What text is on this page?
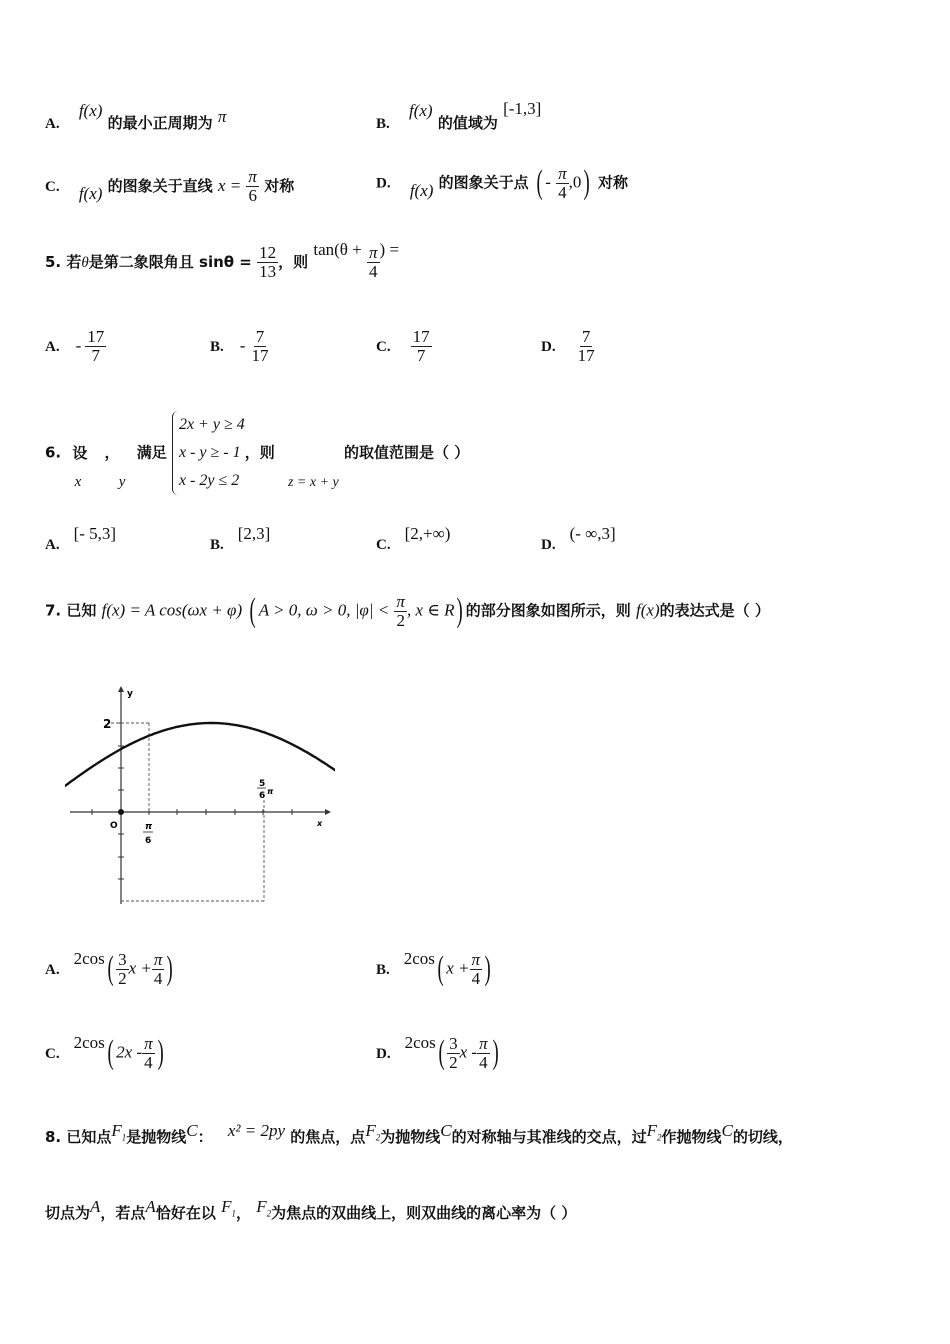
A. f(x) 的最小正周期为 π	B. f(x) 的值域为 [-1,3]
C. f(x) 的图象关于直线 $x = \frac{\pi}{6}$ 对称	D. f(x) 的图象关于点 ( - $\frac{\pi}{4} ,0$) 对称
5. 若θ是第二象限角且 $\sin\theta = \frac{12}{13}$ ，则 $\tan(\theta + \frac{\pi}{4}$ ) =
A. - $\frac{17}{7}$	B. - $\frac{7}{17}$	C. $\frac{17}{7}$	D. $\frac{7}{17}$
6. 设 x ， y 满足
2x + y ≥ 4
x - y ≥ - 1
x - 2y ≤ 2
，则 z = x + y 的取值范围是（ ）
A.[- 5,3]
B.[2,3]
C.[2,+∞)
D.(- ∞,3]
7. 已知 f(x) = A cos(ωx + φ) ( A > 0, ω > 0, $|\varphi| < \frac{\pi}{2}$ , x ∈ R) 的部分图象如图所示，则 f(x)的表达式是（ ）
y
x
O
2
π
6
5
6 π
$A.2\cos( \frac{3}{2}$ $x + \frac{\pi}{4}$ )	B.2cos( $x + \frac{\pi}{4}$ )
C.2cos( $2x - \frac{\pi}{4}$ )	$D.2\cos( \frac{3}{2}$ x - $\frac{\pi}{4}$ )
8. 已知点$F_1$是抛物线C： x² = 2py 的焦点，点$F_2$为抛物线C的对称轴与其准线的交点，过$F_2$作抛物线C的切线，
切点为A，若点A恰好在以 $F_1$， $F_2$为焦点的双曲线上，则双曲线的离心率为（ ）
